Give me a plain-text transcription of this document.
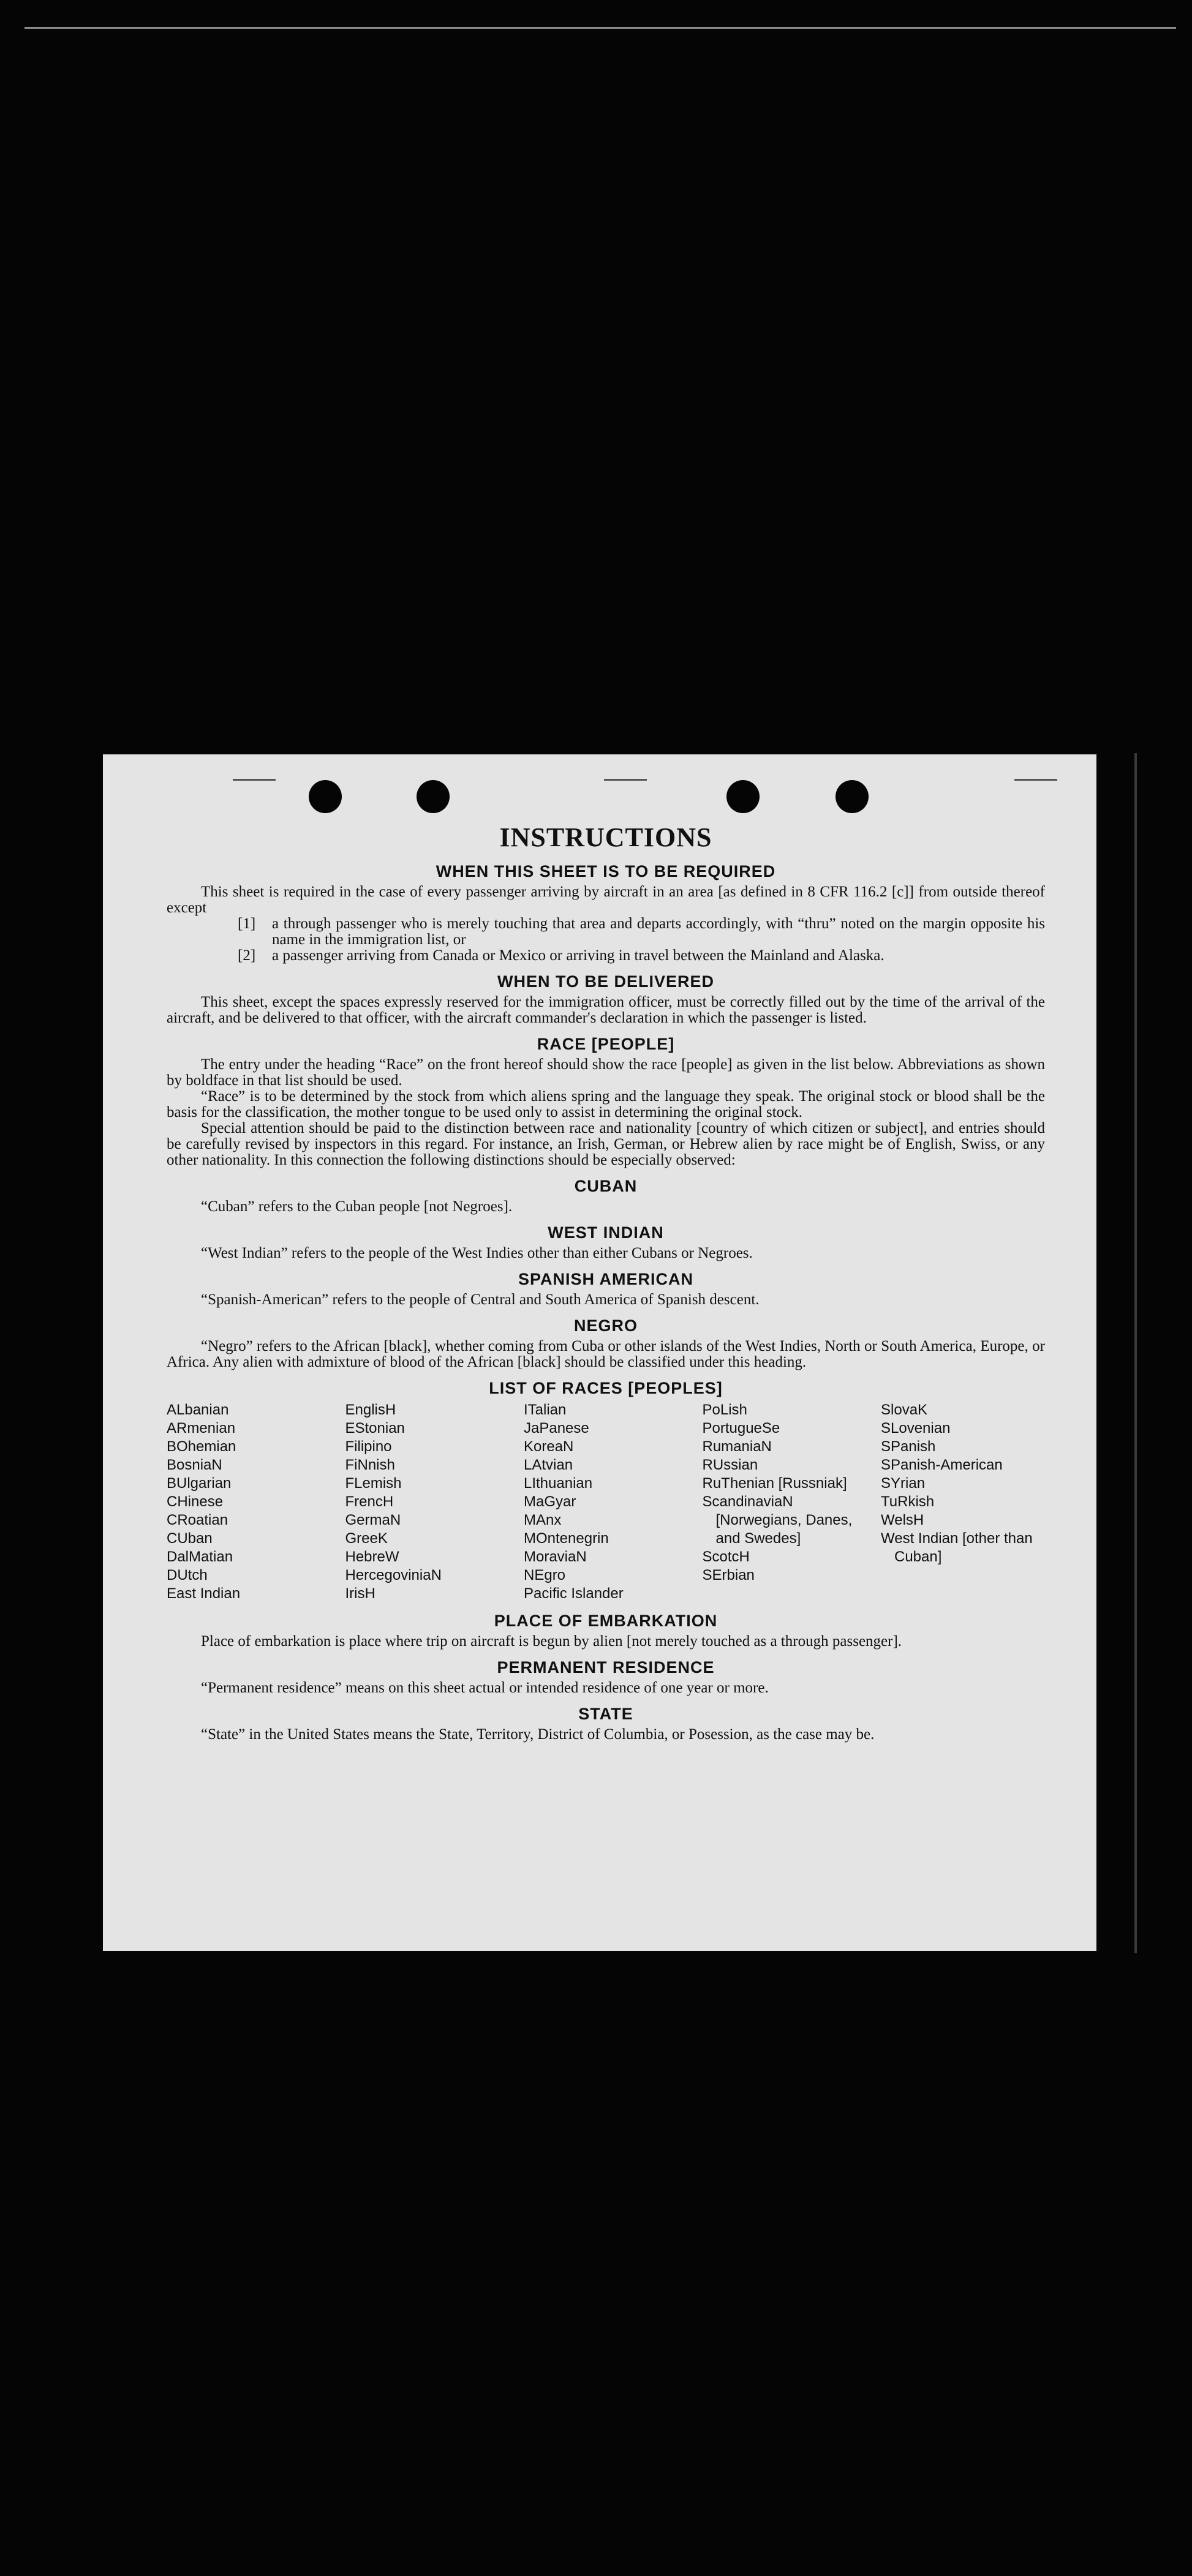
INSTRUCTIONS
WHEN THIS SHEET IS TO BE REQUIRED

This sheet is required in the case of every passenger arriving by aircraft in an area [as defined in 8 CFR 116.2 [c]] from outside thereof except

[1]	a through passenger who is merely touching that area and departs accordingly, with “thru” noted on the margin opposite his name in the immigration list, or
[2]	a passenger arriving from Canada or Mexico or arriving in travel between the Mainland and Alaska.
WHEN TO BE DELIVERED

This sheet, except the spaces expressly reserved for the immigration officer, must be correctly filled out by the time of the arrival of the aircraft, and be delivered to that officer, with the aircraft commander's declaration in which the passenger is listed.

RACE [PEOPLE]

The entry under the heading “Race” on the front hereof should show the race [people] as given in the list below. Abbreviations as shown by boldface in that list should be used.

“Race” is to be determined by the stock from which aliens spring and the language they speak. The original stock or blood shall be the basis for the classification, the mother tongue to be used only to assist in determining the original stock.

Special attention should be paid to the distinction between race and nationality [country of which citizen or subject], and entries should be carefully revised by inspectors in this regard. For instance, an Irish, German, or Hebrew alien by race might be of English, Swiss, or any other nationality. In this connection the following distinctions should be especially observed:

CUBAN

“Cuban” refers to the Cuban people [not Negroes].

WEST INDIAN

“West Indian” refers to the people of the West Indies other than either Cubans or Negroes.

SPANISH AMERICAN

“Spanish-American” refers to the people of Central and South America of Spanish descent.

NEGRO

“Negro” refers to the African [black], whether coming from Cuba or other islands of the West Indies, North or South America, Europe, or Africa. Any alien with admixture of blood of the African [black] should be classified under this heading.

LIST OF RACES [PEOPLES]
ALbanian
ARmenian
BOhemian
BosniaN
BUlgarian
CHinese
CRoatian
CUban
DalMatian
DUtch
East Indian
EnglisH
EStonian
Filipino
FiNnish
FLemish
FrencH
GermaN
GreeK
HebreW
HercegoviniaN
IrisH
ITalian
JaPanese
KoreaN
LAtvian
LIthuanian
MaGyar
MAnx
MOntenegrin
MoraviaN
NEgro
Pacific Islander
PoLish
PortugueSe
RumaniaN
RUssian
RuThenian [Russniak]
ScandinaviaN [Norwegians, Danes, and Swedes]
ScotcH
SErbian
SlovaK
SLovenian
SPanish
SPanish-American
SYrian
TuRkish
WelsH
West Indian [other than Cuban]
PLACE OF EMBARKATION

Place of embarkation is place where trip on aircraft is begun by alien [not merely touched as a through passenger].

PERMANENT RESIDENCE

“Permanent residence” means on this sheet actual or intended residence of one year or more.

STATE

“State” in the United States means the State, Territory, District of Columbia, or Posession, as the case may be.
